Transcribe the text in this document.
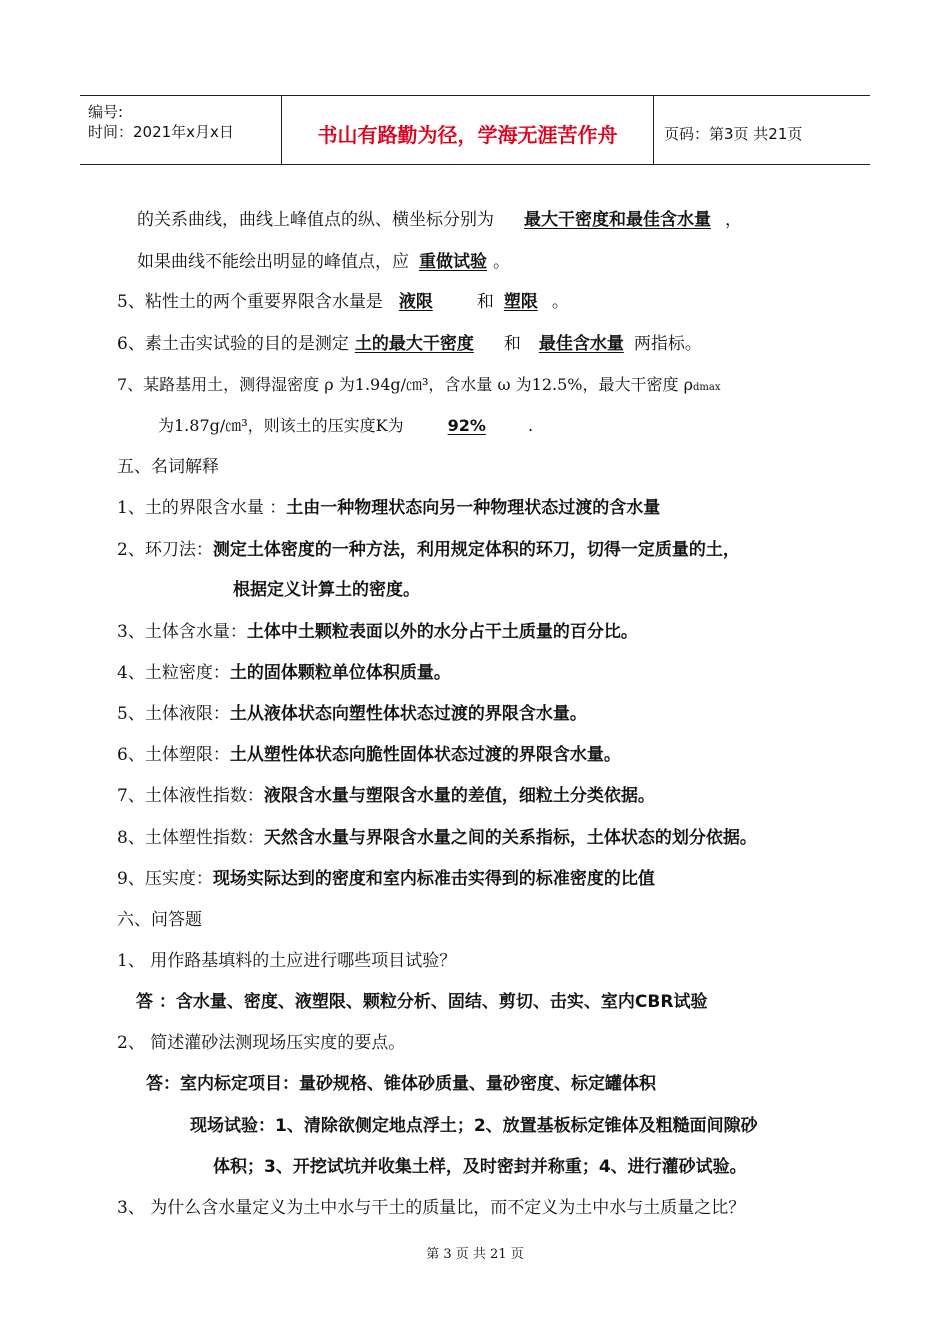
编号:
时间：2021年x月x日	书山有路勤为径，学海无涯苦作舟	页码：第3页 共21页
的关系曲线，曲线上峰值点的纵、横坐标分别为 最大干密度和最佳含水量 ，
如果曲线不能绘出明显的峰值点，应 重做试验 。
5、粘性土的两个重要界限含水量是 液限	和 塑限 。
6、素土击实试验的目的是测定 土的最大干密度 和 最佳含水量 两指标。
7、某路基用土，测得湿密度 ρ 为1.94g/㎝³，含水量 ω 为12.5%，最大干密度 ρdmax
为1.87g/㎝³，则该土的压实度K为	92%	.
五、名词解释
1、土的界限含水量 ：土由一种物理状态向另一种物理状态过渡的含水量
2、环刀法：测定土体密度的一种方法，利用规定体积的环刀，切得一定质量的土，
根据定义计算土的密度。
3、土体含水量：土体中土颗粒表面以外的水分占干土质量的百分比。
4、土粒密度：土的固体颗粒单位体积质量。
5、土体液限：土从液体状态向塑性体状态过渡的界限含水量。
6、土体塑限：土从塑性体状态向脆性固体状态过渡的界限含水量。
7、土体液性指数：液限含水量与塑限含水量的差值，细粒土分类依据。
8、土体塑性指数：天然含水量与界限含水量之间的关系指标，土体状态的划分依据。
9、压实度：现场实际达到的密度和室内标准击实得到的标准密度的比值
六、问答题
1、 用作路基填料的土应进行哪些项目试验？
答 ：含水量、密度、液塑限、颗粒分析、固结、剪切、击实、室内CBR试验
2、 简述灌砂法测现场压实度的要点。
答：室内标定项目：量砂规格、锥体砂质量、量砂密度、标定罐体积
现场试验：1、清除欲侧定地点浮土；2、放置基板标定锥体及粗糙面间隙砂
体积；3、开挖试坑并收集土样，及时密封并称重；4、进行灌砂试验。
3、 为什么含水量定义为土中水与干土的质量比，而不定义为土中水与土质量之比？
第 3 页 共 21 页
